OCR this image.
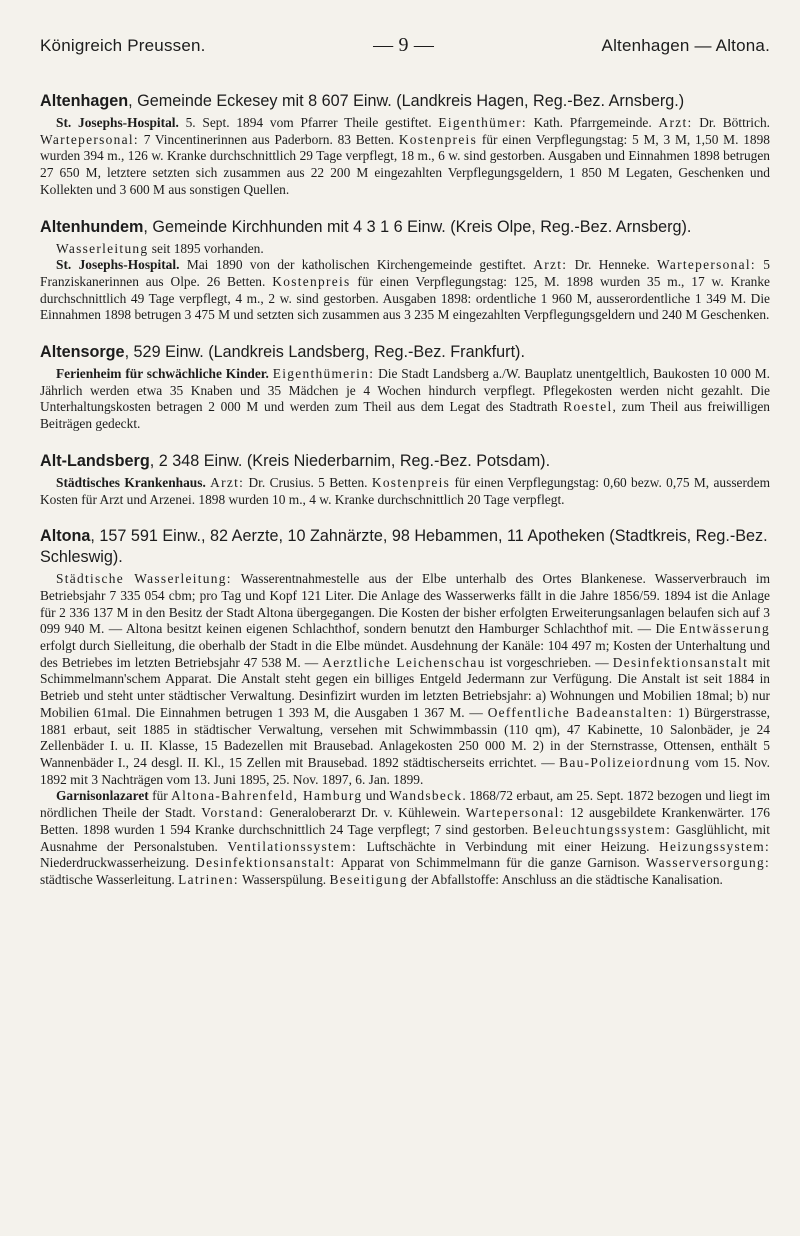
Königreich Preussen.	— 9 —	Altenhagen — Altona.
Altenhagen, Gemeinde Eckesey mit 8 607 Einw. (Landkreis Hagen, Reg.-Bez. Arnsberg.)

St. Josephs-Hospital. 5. Sept. 1894 vom Pfarrer Theile gestiftet. Eigenthümer: Kath. Pfarrgemeinde. Arzt: Dr. Böttrich. Wartepersonal: 7 Vincentinerinnen aus Paderborn. 83 Betten. Kostenpreis für einen Verpflegungstag: 5 M, 3 M, 1,50 M. 1898 wurden 394 m., 126 w. Kranke durchschnittlich 29 Tage verpflegt, 18 m., 6 w. sind gestorben. Ausgaben und Einnahmen 1898 betrugen 27 650 M, letztere setzten sich zusammen aus 22 200 M eingezahlten Verpflegungsgeldern, 1 850 M Legaten, Geschenken und Kollekten und 3 600 M aus sonstigen Quellen.

Altenhundem, Gemeinde Kirchhunden mit 4 3 1 6 Einw. (Kreis Olpe, Reg.-Bez. Arnsberg).

Wasserleitung seit 1895 vorhanden.

St. Josephs-Hospital. Mai 1890 von der katholischen Kirchengemeinde gestiftet. Arzt: Dr. Henneke. Wartepersonal: 5 Franziskanerinnen aus Olpe. 26 Betten. Kostenpreis für einen Verpflegungstag: 125, M. 1898 wurden 35 m., 17 w. Kranke durchschnittlich 49 Tage verpflegt, 4 m., 2 w. sind gestorben. Ausgaben 1898: ordentliche 1 960 M, ausserordentliche 1 349 M. Die Einnahmen 1898 betrugen 3 475 M und setzten sich zusammen aus 3 235 M eingezahlten Verpflegungsgeldern und 240 M Geschenken.

Altensorge, 529 Einw. (Landkreis Landsberg, Reg.-Bez. Frankfurt).

Ferienheim für schwächliche Kinder. Eigenthümerin: Die Stadt Landsberg a./W. Bauplatz unentgeltlich, Baukosten 10 000 M. Jährlich werden etwa 35 Knaben und 35 Mädchen je 4 Wochen hindurch verpflegt. Pflegekosten werden nicht gezahlt. Die Unterhaltungskosten betragen 2 000 M und werden zum Theil aus dem Legat des Stadtrath Roestel, zum Theil aus freiwilligen Beiträgen gedeckt.

Alt-Landsberg, 2 348 Einw. (Kreis Niederbarnim, Reg.-Bez. Potsdam).

Städtisches Krankenhaus. Arzt: Dr. Crusius. 5 Betten. Kostenpreis für einen Verpflegungstag: 0,60 bezw. 0,75 M, ausserdem Kosten für Arzt und Arzenei. 1898 wurden 10 m., 4 w. Kranke durchschnittlich 20 Tage verpflegt.

Altona, 157 591 Einw., 82 Aerzte, 10 Zahnärzte, 98 Hebammen, 11 Apotheken (Stadtkreis, Reg.-Bez. Schleswig).

Städtische Wasserleitung: Wasserentnahmestelle aus der Elbe unterhalb des Ortes Blankenese. Wasserverbrauch im Betriebsjahr 7 335 054 cbm; pro Tag und Kopf 121 Liter. Die Anlage des Wasserwerks fällt in die Jahre 1856/59. 1894 ist die Anlage für 2 336 137 M in den Besitz der Stadt Altona übergegangen. Die Kosten der bisher erfolgten Erweiterungsanlagen belaufen sich auf 3 099 940 M. — Altona besitzt keinen eigenen Schlachthof, sondern benutzt den Hamburger Schlachthof mit. — Die Entwässerung erfolgt durch Sielleitung, die oberhalb der Stadt in die Elbe mündet. Ausdehnung der Kanäle: 104 497 m; Kosten der Unterhaltung und des Betriebes im letzten Betriebsjahr 47 538 M. — Aerztliche Leichenschau ist vorgeschrieben. — Desinfektionsanstalt mit Schimmelmann'schem Apparat. Die Anstalt steht gegen ein billiges Entgeld Jedermann zur Verfügung. Die Anstalt ist seit 1884 in Betrieb und steht unter städtischer Verwaltung. Desinfizirt wurden im letzten Betriebsjahr: a) Wohnungen und Mobilien 18mal; b) nur Mobilien 61mal. Die Einnahmen betrugen 1 393 M, die Ausgaben 1 367 M. — Oeffentliche Badeanstalten: 1) Bürgerstrasse, 1881 erbaut, seit 1885 in städtischer Verwaltung, versehen mit Schwimmbassin (110 qm), 47 Kabinette, 10 Salonbäder, je 24 Zellenbäder I. u. II. Klasse, 15 Badezellen mit Brausebad. Anlagekosten 250 000 M. 2) in der Sternstrasse, Ottensen, enthält 5 Wannenbäder I., 24 desgl. II. Kl., 15 Zellen mit Brausebad. 1892 städtischerseits errichtet. — Bau-Polizeiordnung vom 15. Nov. 1892 mit 3 Nachträgen vom 13. Juni 1895, 25. Nov. 1897, 6. Jan. 1899.

Garnisonlazaret für Altona-Bahrenfeld, Hamburg und Wandsbeck. 1868/72 erbaut, am 25. Sept. 1872 bezogen und liegt im nördlichen Theile der Stadt. Vorstand: Generaloberarzt Dr. v. Kühlewein. Wartepersonal: 12 ausgebildete Krankenwärter. 176 Betten. 1898 wurden 1 594 Kranke durchschnittlich 24 Tage verpflegt; 7 sind gestorben. Beleuchtungssystem: Gasglühlicht, mit Ausnahme der Personalstuben. Ventilationssystem: Luftschächte in Verbindung mit einer Heizung. Heizungssystem: Niederdruckwasserheizung. Desinfektionsanstalt: Apparat von Schimmelmann für die ganze Garnison. Wasserversorgung: städtische Wasserleitung. Latrinen: Wasserspülung. Beseitigung der Abfallstoffe: Anschluss an die städtische Kanalisation.
